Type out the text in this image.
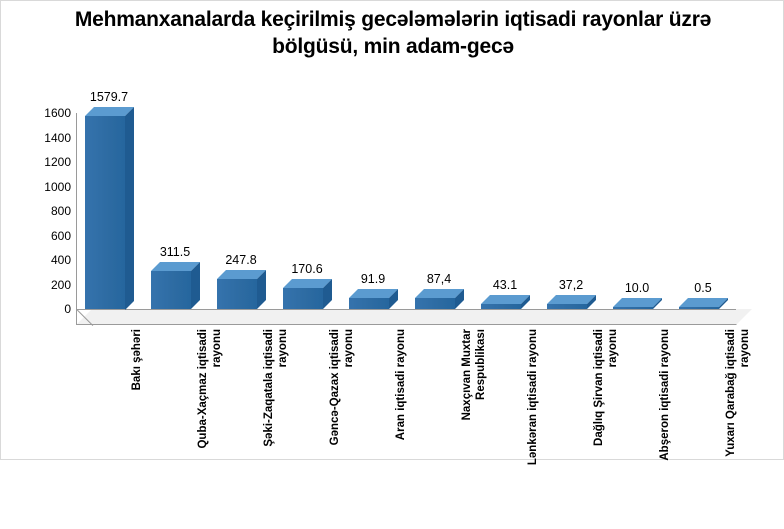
Mehmanxanalarda keçirilmiş gecələmələrin iqtisadi rayonlar üzrə bölgüsü, min adam-gecə
0
200
400
600
800
1000
1200
1400
1600
1579.7
311.5
247.8
170.6
91.9	87,4	43.1	37,2	10.0	0.5
Bakı şəhəri	Quba-Xaçmaz iqtisadi rayonu	Şəki-Zaqatala iqtisadi rayonu	Gəncə-Qazax iqtisadi rayonu	Aran iqtisadi rayonu	Naxçıvan Muxtar Respublikası	Lənkəran iqtisadi rayonu	Dağlıq Şirvan iqtisadi rayonu	Abşeron iqtisadi rayonu	Yuxarı Qarabağ iqtisadi rayonu
